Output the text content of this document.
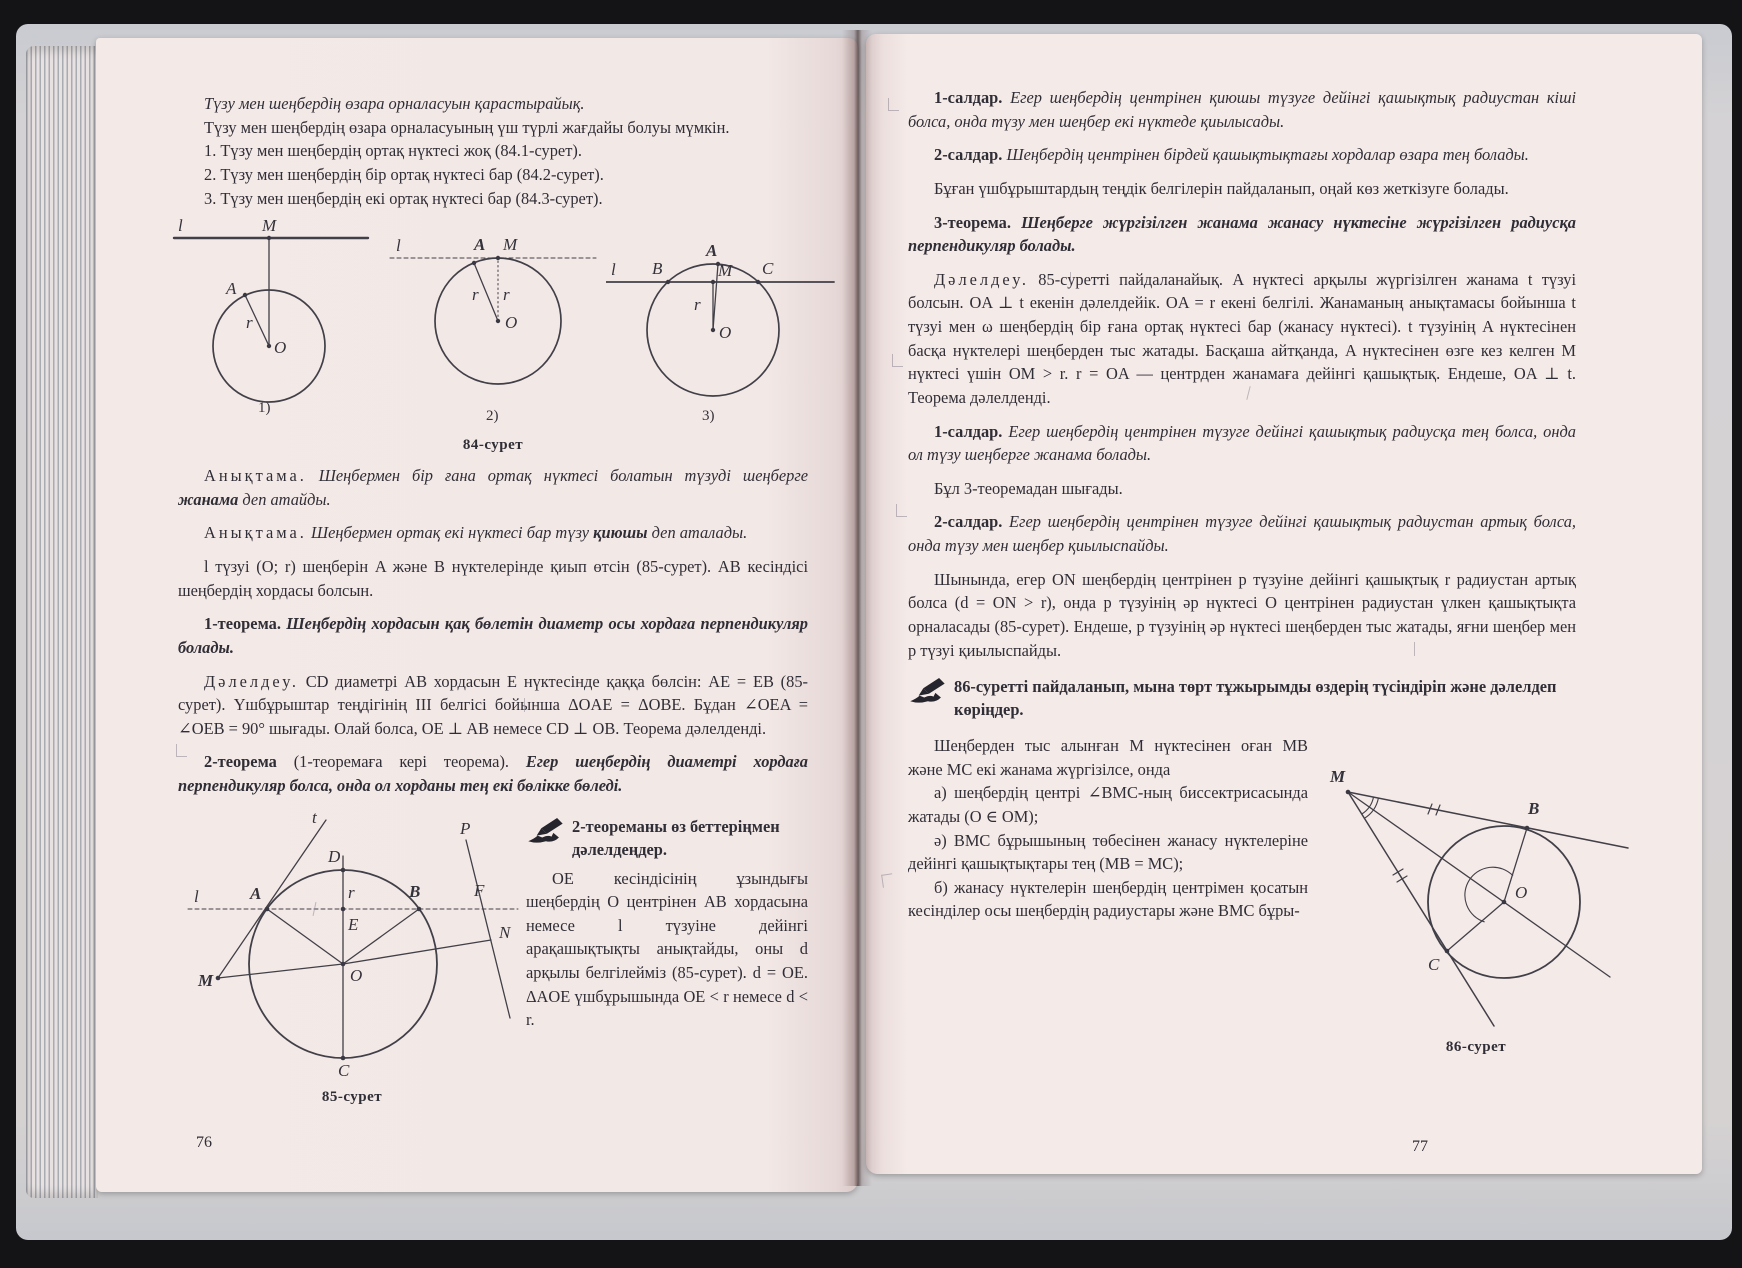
Түзу мен шеңбердің өзара орналасуын қарастырайық.

Түзу мен шеңбердің өзара орналасуының үш түрлі жағдайы болуы мүмкін.

1. Түзу мен шеңбердің ортақ нүктесі жоқ (84.1-сурет).

2. Түзу мен шеңбердің бір ортақ нүктесі бар (84.2-сурет).

3. Түзу мен шеңбердің екі ортақ нүктесі бар (84.3-сурет).

l	M
A
r
O
1)
l	A M
r r
O
2)
l B
A
M C
r
O
3)
84-сурет

Анықтама. Шеңбермен бір ғана ортақ нүктесі болатын түзуді шеңберге жанама деп атайды.

Анықтама. Шеңбермен ортақ екі нүктесі бар түзу қиюшы деп аталады.

l түзуі (O; r) шеңберін A және B нүктелерінде қиып өтсін (85-сурет). AB кесіндісі шеңбердің хордасы болсын.

1-теорема. Шеңбердің хордасын қақ бөлетін диаметр осы хордаға перпендикуляр болады.

Дәлелдеу. CD диаметрі AB хордасын E нүктесінде қаққа бөлсін: AE = EB (85-сурет). Үшбұрыштар теңдігінің III белгісі бойынша ΔOAE = ΔOBE. Бұдан ∠OEA = ∠OEB = 90° шығады. Олай болса, OE ⊥ AB немесе CD ⊥ OB. Теорема дәлелденді.

2-теорема (1-теоремаға кері теорема). Егер шеңбердің диаметрі хордаға перпендикуляр болса, онда ол хорданы тең екі бөлікке бөледі.

t
D
P
l	A	r	B	F
E	N
M	O
C
85-сурет
2-теореманы өз беттеріңмен дәлелдеңдер.

OE кесіндісінің ұзындығы шеңбердің O центрінен AB хордасына немесе l түзуіне дейінгі арақашықтықты анықтайды, оны d арқылы белгілейміз (85-сурет). d = OE. ΔAOE үшбұрышында OE < r немесе d < r.

76

1-салдар. Егер шеңбердің центрінен қиюшы түзуге дейінгі қашықтық радиустан кіші болса, онда түзу мен шеңбер екі нүктеде қиылысады.

2-салдар. Шеңбердің центрінен бірдей қашықтықтағы хордалар өзара тең болады.

Бұған үшбұрыштардың теңдік белгілерін пайдаланып, оңай көз жеткізуге болады.

3-теорема. Шеңберге жүргізілген жанама жанасу нүктесіне жүргізілген радиусқа перпендикуляр болады.

Дәлелдеу. 85-суретті пайдаланайық. A нүктесі арқылы жүргізілген жанама t түзуі болсын. OA ⊥ t екенін дәлелдейік. OA = r екені белгілі. Жанаманың анықтамасы бойынша t түзуі мен ω шеңбердің бір ғана ортақ нүктесі бар (жанасу нүктесі). t түзуінің A нүктесінен басқа нүктелері шеңберден тыс жатады. Басқаша айтқанда, A нүктесінен өзге кез келген M нүктесі үшін OM > r. r = OA — центрден жанамаға дейінгі қашықтық. Ендеше, OA ⊥ t. Теорема дәлелденді.

1-салдар. Егер шеңбердің центрінен түзуге дейінгі қашықтық радиусқа тең болса, онда ол түзу шеңберге жанама болады.

Бұл 3-теоремадан шығады.

2-салдар. Егер шеңбердің центрінен түзуге дейінгі қашықтық радиустан артық болса, онда түзу мен шеңбер қиылыспайды.

Шынында, егер ON шеңбердің центрінен p түзуіне дейінгі қашықтық r радиустан артық болса (d = ON > r), онда p түзуінің әр нүктесі O центрінен радиустан үлкен қашықтықта орналасады (85-сурет). Ендеше, p түзуінің әр нүктесі шеңберден тыс жатады, яғни шеңбер мен p түзуі қиылыспайды.

86-суретті пайдаланып, мына төрт тұжырымды өздерің түсіндіріп және дәлелдеп көріңдер.

Шеңберден тыс алынған M нүктесінен оған MB және MC екі жанама жүргізілсе, онда

а) шеңбердің центрі ∠BMC-ның биссектрисасында жатады (O ∈ OM);

ә) BMC бұрышының төбесінен жанасу нүктелеріне дейінгі қашықтықтары тең (MB = MC);

б) жанасу нүктелерін шеңбердің центрімен қосатын кесінділер осы шеңбердің радиустары және BMC бұры-

M
B
O
C
86-сурет
77
